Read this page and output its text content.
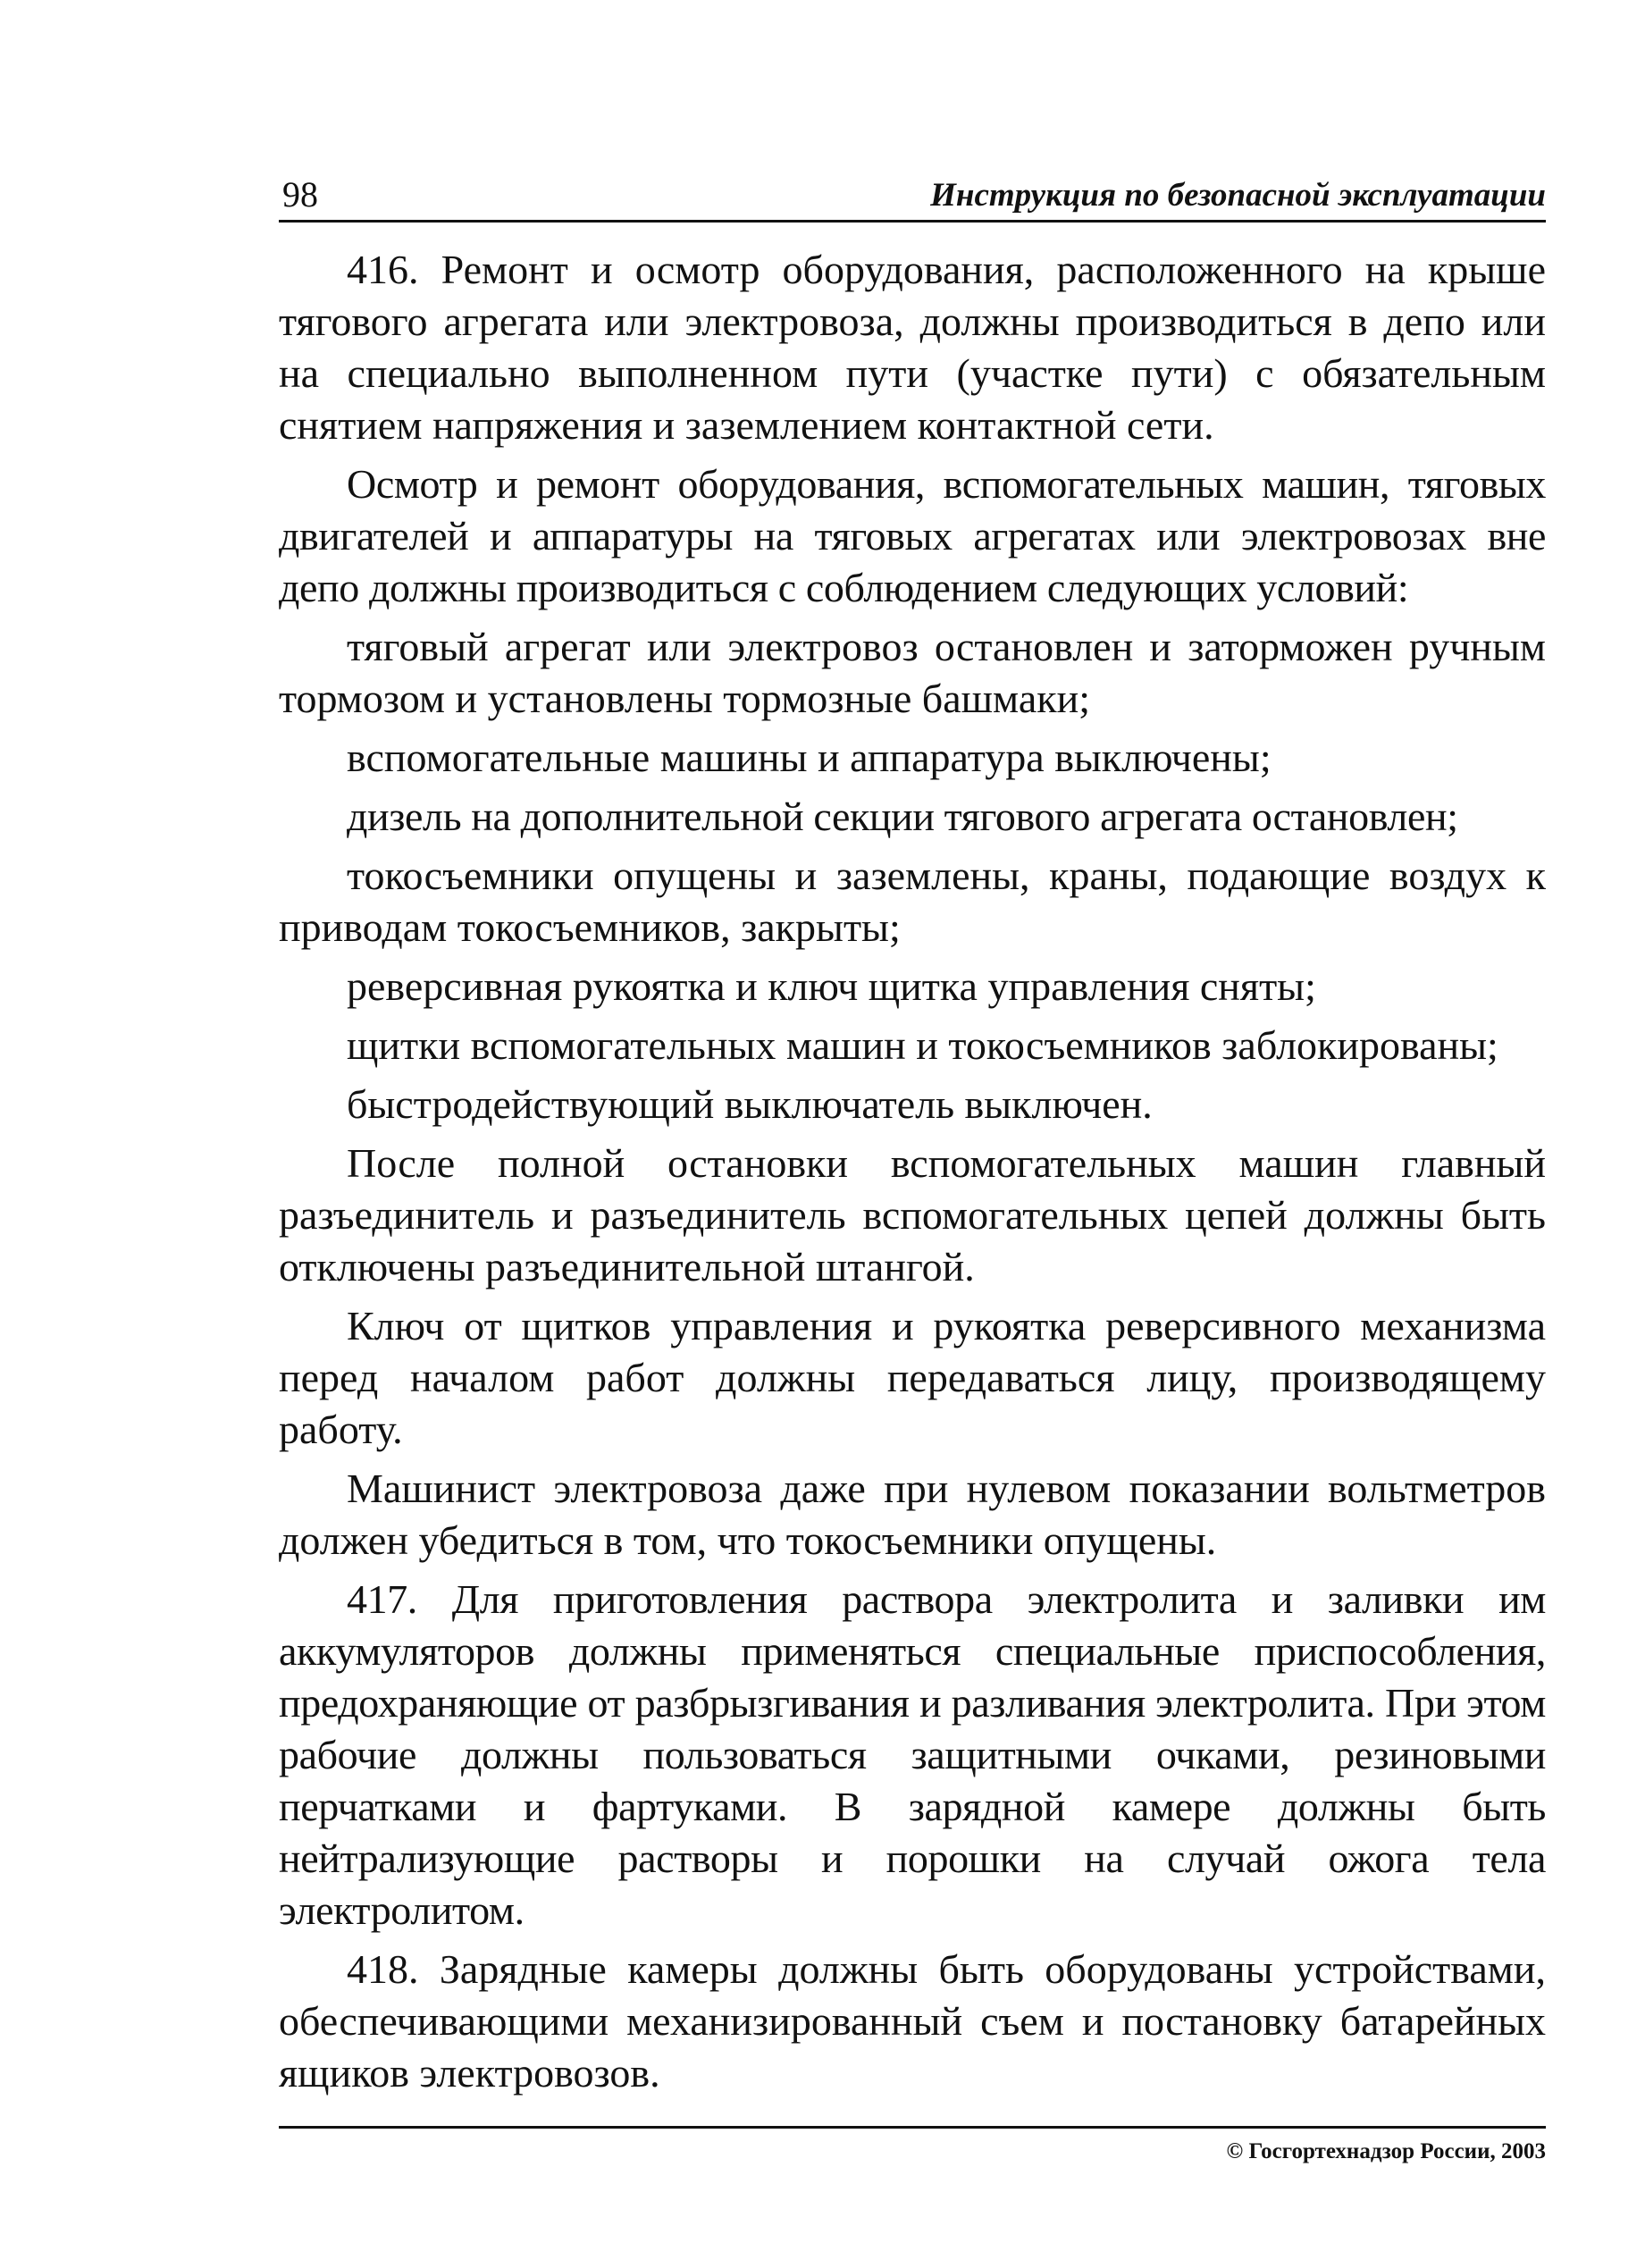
98	Инструкция по безопасной эксплуатации

416. Ремонт и осмотр оборудования, расположенного на крыше тягового агрегата или электровоза, должны производиться в депо или на специально выполненном пути (участке пути) с обязательным снятием напряжения и заземлением контактной сети.

Осмотр и ремонт оборудования, вспомогательных машин, тяговых двигателей и аппаратуры на тяговых агрегатах или электровозах вне депо должны производиться с соблюдением следующих условий:

тяговый агрегат или электровоз остановлен и заторможен ручным тормозом и установлены тормозные башмаки;

вспомогательные машины и аппаратура выключены;

дизель на дополнительной секции тягового агрегата остановлен;

токосъемники опущены и заземлены, краны, подающие воздух к приводам токосъемников, закрыты;

реверсивная рукоятка и ключ щитка управления сняты;

щитки вспомогательных машин и токосъемников заблокированы;

быстродействующий выключатель выключен.

После полной остановки вспомогательных машин главный разъединитель и разъединитель вспомогательных цепей должны быть отключены разъединительной штангой.

Ключ от щитков управления и рукоятка реверсивного механизма перед началом работ должны передаваться лицу, производящему работу.

Машинист электровоза даже при нулевом показании вольтметров должен убедиться в том, что токосъемники опущены.

417. Для приготовления раствора электролита и заливки им аккумуляторов должны применяться специальные приспособления, предохраняющие от разбрызгивания и разливания электролита. При этом рабочие должны пользоваться защитными очками, резиновыми перчатками и фартуками. В зарядной камере должны быть нейтрализующие растворы и порошки на случай ожога тела электролитом.

418. Зарядные камеры должны быть оборудованы устройствами, обеспечивающими механизированный съем и постановку батарейных ящиков электровозов.

© Госгортехнадзор России, 2003
